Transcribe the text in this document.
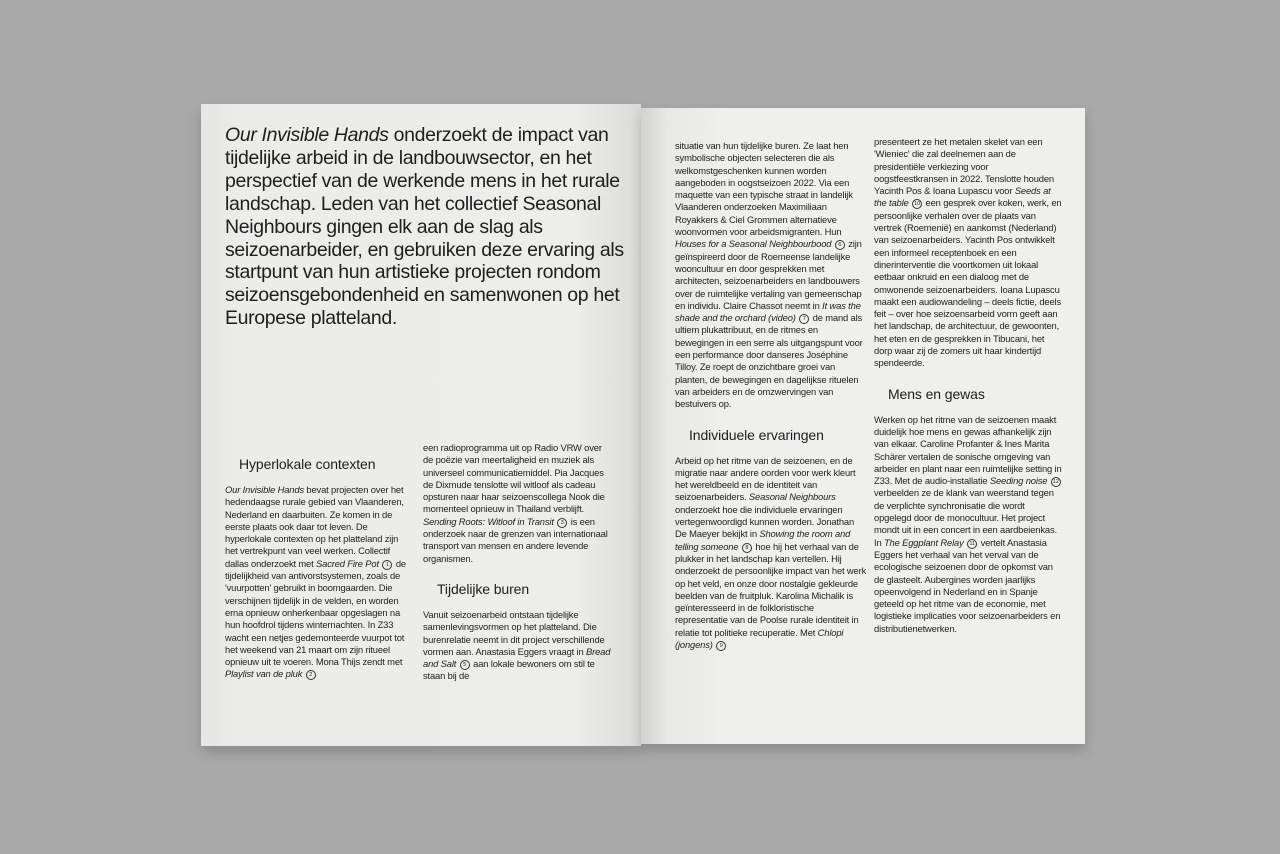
Our Invisible Hands onderzoekt de impact van tijdelijke arbeid in de landbouwsector, en het perspectief van de werkende mens in het rurale landschap. Leden van het collectief Seasonal Neighbours gingen elk aan de slag als seizoenarbeider, en gebruiken deze ervaring als startpunt van hun artistieke projecten rondom seizoensgebondenheid en samenwonen op het Europese platteland.

Hyperlokale contexten

Our Invisible Hands bevat projecten over het hedendaagse rurale gebied van Vlaanderen, Nederland en daarbuiten. Ze komen in de eerste plaats ook daar tot leven. De hyperlokale contexten op het platteland zijn het vertrekpunt van veel werken. Collectif dallas onderzoekt met Sacred Fire Pot 1 de tijdelijkheid van antivorstsystemen, zoals de 'vuurpotten' gebruikt in boomgaarden. Die verschijnen tijdelijk in de velden, en worden erna opnieuw onherkenbaar opgeslagen na hun hoofdrol tijdens winternachten. In Z33 wacht een netjes gedemonteerde vuurpot tot het weekend van 21 maart om zijn ritueel opnieuw uit te voeren. Mona Thijs zendt met Playlist van de pluk 2

een radioprogramma uit op Radio VRW over de poëzie van meertaligheid en muziek als universeel communicatiemiddel. Pia Jacques de Dixmude tenslotte wil witloof als cadeau opsturen naar haar seizoenscollega Nook die momenteel opnieuw in Thailand verblijft. Sending Roots: Witloof in Transit 3 is een onderzoek naar de grenzen van internationaal transport van mensen en andere levende organismen.

Tijdelijke buren

Vanuit seizoenarbeid ontstaan tijdelijke samenlevingsvormen op het platteland. Die burenrelatie neemt in dit project verschillende vormen aan. Anastasia Eggers vraagt in Bread and Salt 5 aan lokale bewoners om stil te staan bij de

situatie van hun tijdelijke buren. Ze laat hen symbolische objecten selecteren die als welkomstgeschenken kunnen worden aangeboden in oogstseizoen 2022. Via een maquette van een typische straat in landelijk Vlaanderen onderzoeken Maximiliaan Royakkers & Ciel Grommen alternatieve woonvormen voor arbeidsmigranten. Hun Houses for a Seasonal Neighbourbood 6 zijn geïnspireerd door de Roemeense landelijke wooncultuur en door gesprekken met architecten, seizoenarbeiders en landbouwers over de ruimtelijke vertaling van gemeenschap en individu. Claire Chassot neemt in It was the shade and the orchard (video) 7 de mand als ultiem plukattribuut, en de ritmes en bewegingen in een serre als uitgangspunt voor een performance door danseres Joséphine Tilloy. Ze roept de onzichtbare groei van planten, de bewegingen en dagelijkse rituelen van arbeiders en de omzwervingen van bestuivers op.

Individuele ervaringen

Arbeid op het ritme van de seizoenen, en de migratie naar andere oorden voor werk kleurt het wereldbeeld en de identiteit van seizoenarbeiders. Seasonal Neighbours onderzoekt hoe die individuele ervaringen vertegenwoordigd kunnen worden. Jonathan De Maeyer bekijkt in Showing the room and telling someone 8 hoe hij het verhaal van de plukker in het landschap kan vertellen. Hij onderzoekt de persoonlijke impact van het werk op het veld, en onze door nostalgie gekleurde beelden van de fruitpluk. Karolina Michalik is geïnteresseerd in de folkloristische representatie van de Poolse rurale identiteit in relatie tot politieke recuperatie. Met Chlopi (jongens) 9

presenteert ze het metalen skelet van een 'Wieniec' die zal deelnemen aan de presidentiële verkiezing voor oogstfeestkransen in 2022. Tenslotte houden Yacinth Pos & Ioana Lupascu voor Seeds at the table 10 een gesprek over koken, werk, en persoonlijke verhalen over de plaats van vertrek (Roemenië) en aankomst (Nederland) van seizoenarbeiders. Yacinth Pos ontwikkelt een informeel receptenboek en een dinerinterventie die voortkomen uit lokaal eetbaar onkruid en een dialoog met de omwonende seizoenarbeiders. Ioana Lupascu maakt een audiowandeling – deels fictie, deels feit – over hoe seizoensarbeid vorm geeft aan het landschap, de architectuur, de gewoonten, het eten en de gesprekken in Tibucani, het dorp waar zij de zomers uit haar kindertijd spendeerde.

Mens en gewas

Werken op het ritme van de seizoenen maakt duidelijk hoe mens en gewas afhankelijk zijn van elkaar. Caroline Profanter & Ines Marita Schärer vertalen de sonische omgeving van arbeider en plant naar een ruimtelijke setting in Z33. Met de audio-installatie Seeding noise 12 verbeelden ze de klank van weerstand tegen de verplichte synchronisatie die wordt opgelegd door de monocultuur. Het project mondt uit in een concert in een aardbeienkas. In The Eggplant Relay 11 vertelt Anastasia Eggers het verhaal van het verval van de ecologische seizoenen door de opkomst van de glasteelt. Aubergines worden jaarlijks opeenvolgend in Nederland en in Spanje geteeld op het ritme van de economie, met logistieke implicaties voor seizoenarbeiders en distributienetwerken.
